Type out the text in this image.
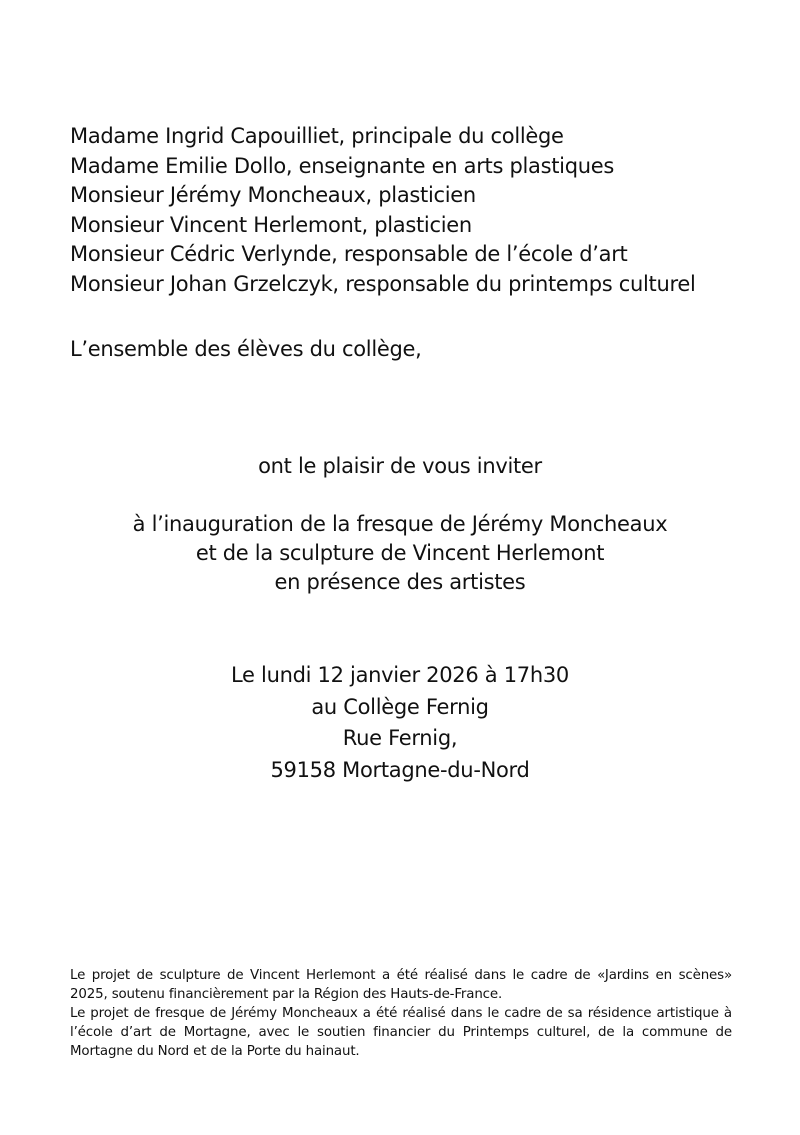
Madame Ingrid Capouilliet, principale du collège
Madame Emilie Dollo, enseignante en arts plastiques
Monsieur Jérémy Moncheaux, plasticien
Monsieur Vincent Herlemont, plasticien
Monsieur Cédric Verlynde, responsable de l’école d’art
Monsieur Johan Grzelczyk, responsable du printemps culturel
L’ensemble des élèves du collège,
ont le plaisir de vous inviter
à l’inauguration de la fresque de Jérémy Moncheaux
et de la sculpture de Vincent Herlemont
en présence des artistes
Le lundi 12 janvier 2026 à 17h30
au Collège Fernig
Rue Fernig,
59158 Mortagne-du-Nord

Le projet de sculpture de Vincent Herlemont a été réalisé dans le cadre de «Jardins en scènes» 2025, soutenu financièrement par la Région des Hauts-de-France.

Le projet de fresque de Jérémy Moncheaux a été réalisé dans le cadre de sa résidence artistique à l’école d’art de Mortagne, avec le soutien financier du Printemps culturel, de la commune de Mortagne du Nord et de la Porte du hainaut.
